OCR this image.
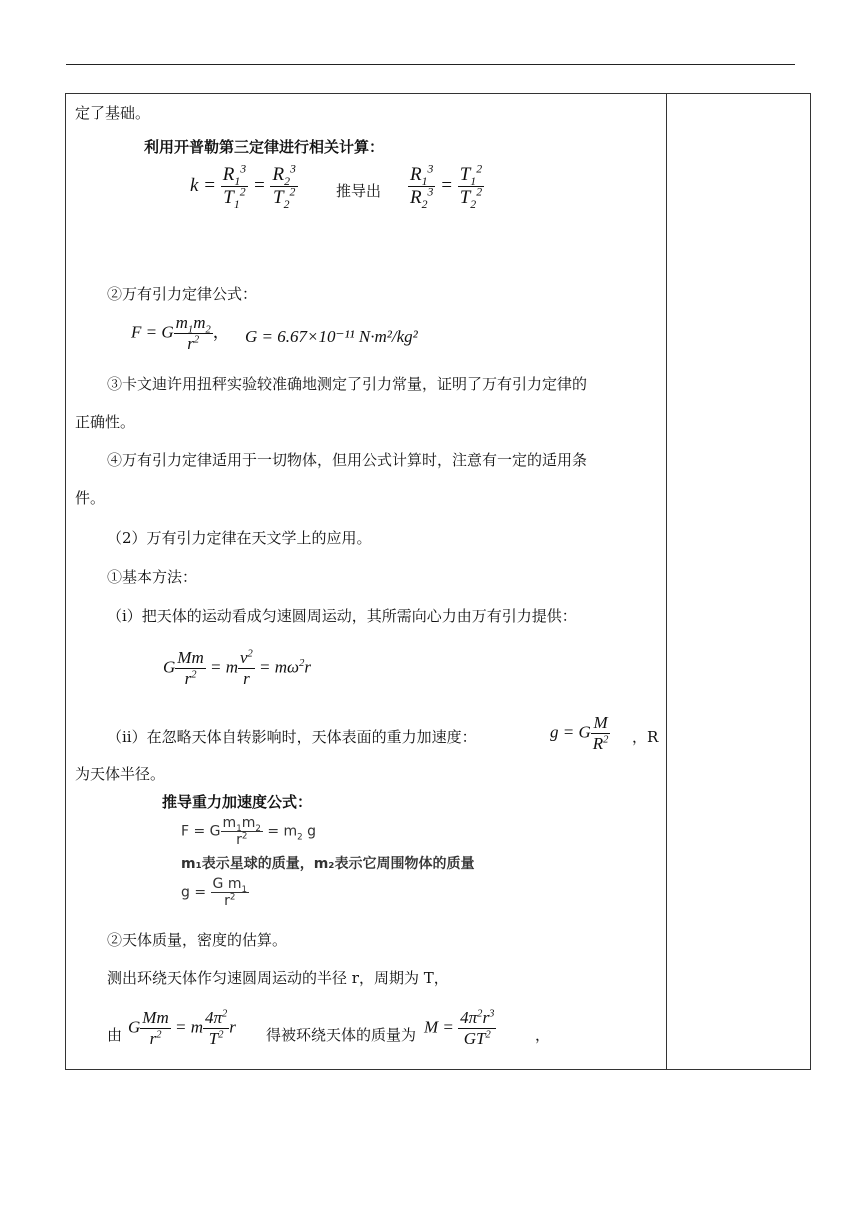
定了基础。
利用开普勒第三定律进行相关计算：
$k = \frac{R_1^3}{T_1^2} = \frac{R_2^3}{T_2^2}$	推导出 $\frac{R_1^3}{R_2^3} = \frac{T_1^2}{T_2^2}$
②万有引力定律公式：
F = G $\frac{m_1m_2}{r^2}$ ， G = 6.67×10⁻¹¹ N·m²/kg²
③卡文迪许用扭秤实验较准确地测定了引力常量，证明了万有引力定律的
正确性。
④万有引力定律适用于一切物体，但用公式计算时，注意有一定的适用条
件。
（2）万有引力定律在天文学上的应用。
①基本方法：
（i）把天体的运动看成匀速圆周运动，其所需向心力由万有引力提供：
G $\frac{Mm}{r^2} = m \frac{v^2}{r} = m\omega^2r$
（ii）在忽略天体自转影响时，天体表面的重力加速度：	g = G $\frac{M}{R^2}$ ，R
为天体半径。
推导重力加速度公式：
F = G $\frac{m_1m_2}{r^2} = m_2$ g
m₁表示星球的质量，m₂表示它周围物体的质量
$g = \frac{G m_1}{r^2}$
②天体质量，密度的估算。
测出环绕天体作匀速圆周运动的半径 r，周期为 T，
由 G $\frac{Mm}{r^2} = m \frac{4\pi^2}{T^2}$ r 得被环绕天体的质量为 $M = \frac{4\pi^2r^3}{GT^2}$	，
